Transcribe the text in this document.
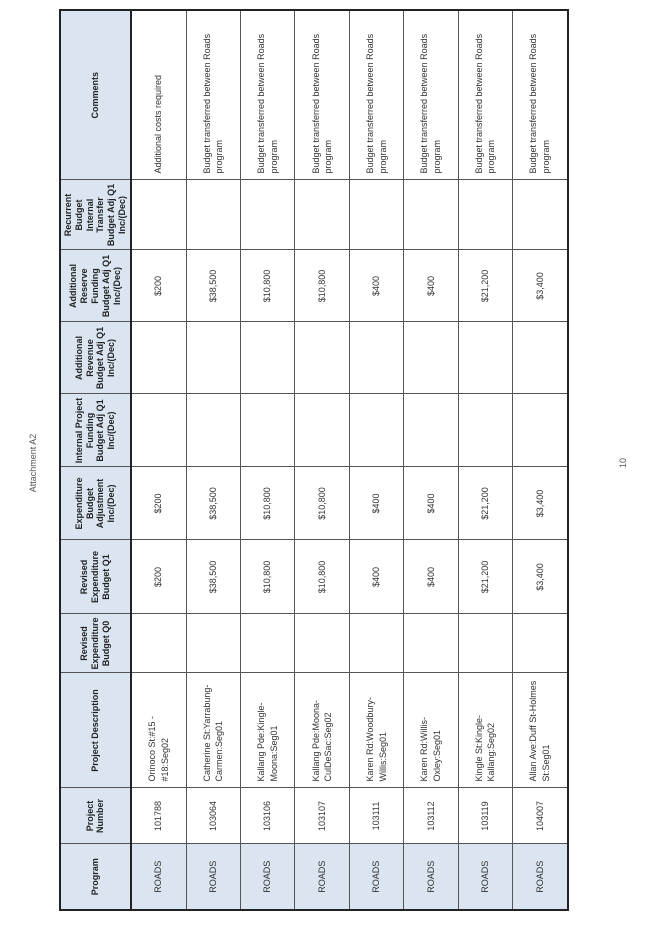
Attachment A2	10
Program	Project Number	Project Description	Revised Expenditure Budget Q0	Revised Expenditure Budget Q1	Expenditure Budget Adjustment Inc/(Dec)	Internal Project Funding Budget Adj Q1 Inc/(Dec)	Additional Revenue Budget Adj Q1 Inc/(Dec)	Additional Reserve Funding Budget Adj Q1 Inc/(Dec)	Recurrent Budget Internal Transfer Budget Adj Q1 Inc/(Dec)	Comments
ROADS	101788	Orinoco St:#15 - #18:Seg02		$200	$200			$200		Additional costs required
ROADS	103064	Catherine St:Yarrabung-Carmen:Seg01		$38,500	$38,500			$38,500		Budget transferred between Roads program
ROADS	103106	Kallang Pde:Kingle-Moona:Seg01		$10,800	$10,800			$10,800		Budget transferred between Roads program
ROADS	103107	Kallang Pde:Moona-CulDeSac:Seg02		$10,800	$10,800			$10,800		Budget transferred between Roads program
ROADS	103111	Karen Rd:Woodbury-Willis:Seg01		$400	$400			$400		Budget transferred between Roads program
ROADS	103112	Karen Rd:Willis-Oxley:Seg01		$400	$400			$400		Budget transferred between Roads program
ROADS	103119	Kingle St:Kingle-Kallang:Seg02		$21,200	$21,200			$21,200		Budget transferred between Roads program
ROADS	104007	Allan Ave:Duff St-Holmes St:Seg01		$3,400	$3,400			$3,400		Budget transferred between Roads program
